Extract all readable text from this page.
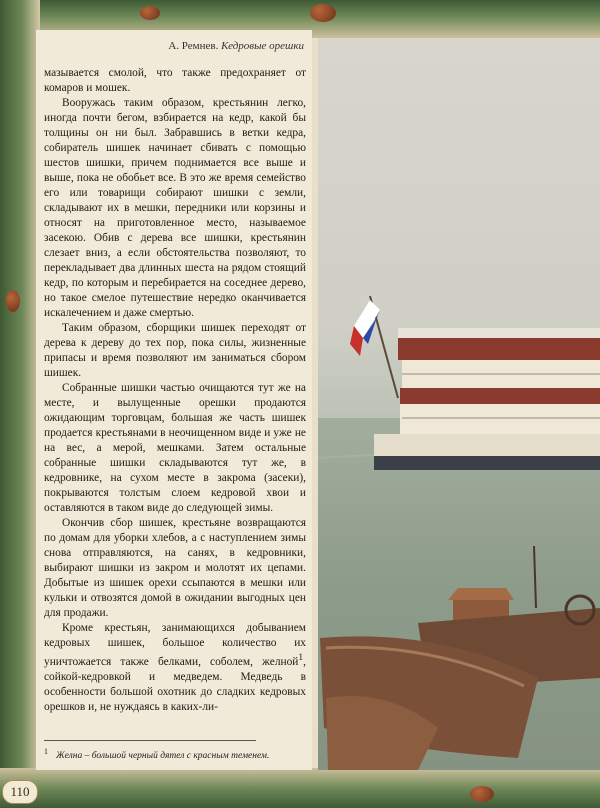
А. Ремнев. Кедровые орешки

мазывается смолой, что также предохраняет от комаров и мошек.

Вооружась таким образом, крестьянин легко, иногда почти бегом, взбирается на кедр, какой бы толщины он ни был. Забравшись в ветки кедра, собиратель шишек начинает сбивать с помощью шестов шишки, причем поднимается все выше и выше, пока не обобьет все. В это же время семейство его или товарищи собирают шишки с земли, складывают их в мешки, передники или корзины и относят на приготовленное место, называемое засекою. Обив с дерева все шишки, крестьянин слезает вниз, а если обстоятельства позволяют, то перекладывает два длинных шеста на рядом стоящий кедр, по которым и перебирается на соседнее дерево, но такое смелое путешествие нередко оканчивается искалечением и даже смертью.

Таким образом, сборщики шишек переходят от дерева к дереву до тех пор, пока силы, жизненные припасы и время позволяют им заниматься сбором шишек.

Собранные шишки частью очищаются тут же на месте, и вылущенные орешки продаются ожидающим торговцам, большая же часть шишек продается крестьянами в неочищенном виде и уже не на вес, а мерой, мешками. Затем остальные собранные шишки складываются тут же, в кедровнике, на сухом месте в закрома (засеки), покрываются толстым слоем кедровой хвои и оставляются в таком виде до следующей зимы.

Окончив сбор шишек, крестьяне возвращаются по домам для уборки хлебов, а с наступлением зимы снова отправляются, на санях, в кедровники, выбирают шишки из закром и молотят их цепами. Добытые из шишек орехи ссыпаются в мешки или кульки и отвозятся домой в ожидании выгодных цен для продажи.

Кроме крестьян, занимающихся добыванием кедровых шишек, большое количество их уничтожается также белками, соболем, желной$^1$, сойкой-кедровкой и медведем. Медведь в особенности большой охотник до сладких кедровых орешков и, не нуждаясь в каких-ли-

$^1$ Желна – большой черный дятел с красным теменем.
110
